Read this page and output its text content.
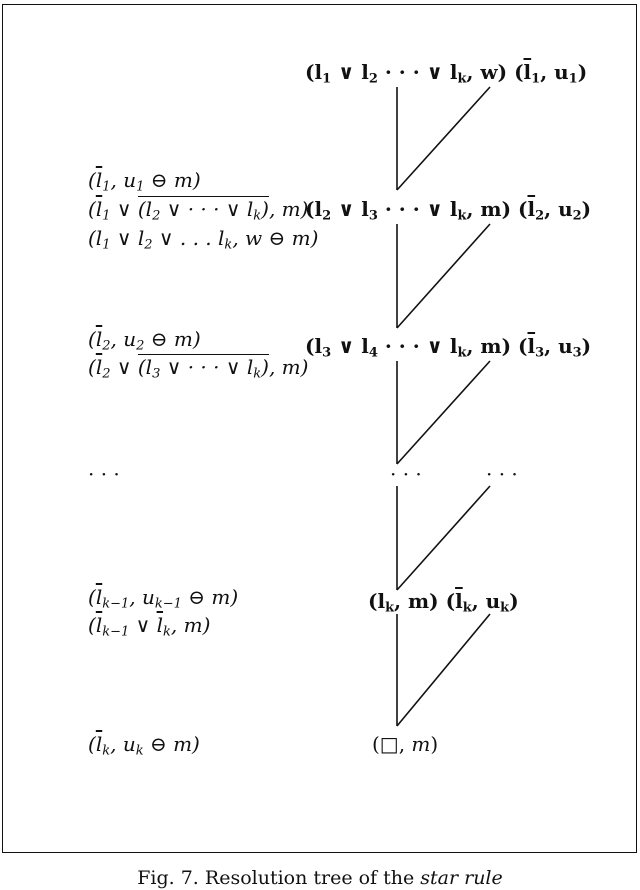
($l_1$ ∨ $l_2$ · · · ∨ $l_k$, w) ($\overline{l}_1$, $u_1$)
($l_2$ ∨ $l_3$ · · · ∨ $l_k$, m) ($\overline{l}_2$, $u_2$)
($l_3$ ∨ $l_4$ · · · ∨ $l_k$, m) ($\overline{l}_3$, $u_3$)
· · ·	· · ·
($l_k$, m) ($\overline{l}_k$, $u_k$)
(□, m)
($\overline{l}_1$, $u_1$ ⊖ m)
($\overline{l}_1$ ∨ ($l_2$ ∨ · · · ∨ $l_k$), m)
($l_1$ ∨ $l_2$ ∨ . . . $l_k$, w ⊖ m)
($\overline{l}_2$, $u_2$ ⊖ m)
($\overline{l}_2$ ∨ ($l_3$ ∨ · · · ∨ $l_k$), m)
· · ·
($\overline{l}_{k-1}$, $u_{k-1}$ ⊖ m)
($\overline{l}_{k-1}$ ∨ $\overline{l}_k$, m)
($\overline{l}_k$, $u_k$ ⊖ m)
Fig. 7. Resolution tree of the star rule
